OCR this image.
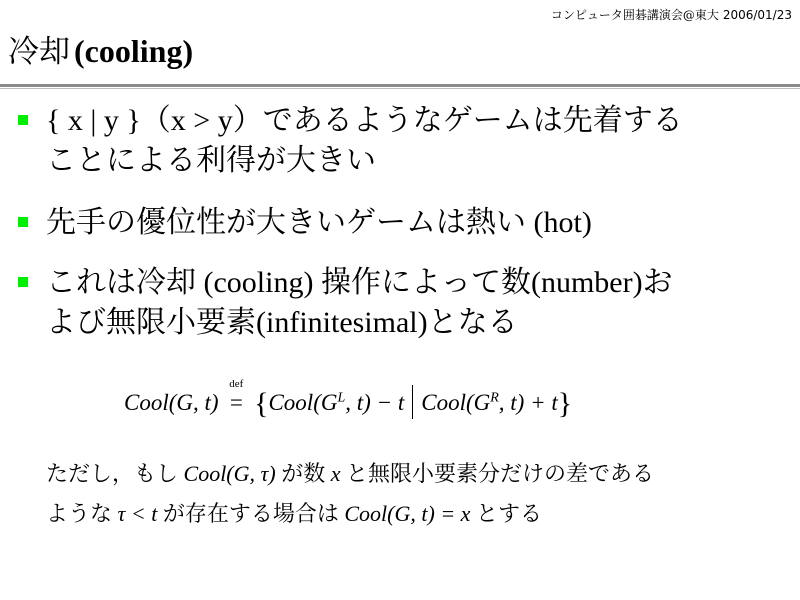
コンピュータ囲碁講演会@東大 2006/01/23
冷却 (cooling)
{ x | y }（x > y）であるようなゲームは先着する
ことによる利得が大きい
先手の優位性が大きいゲームは熱い (hot)
これは冷却 (cooling) 操作によって数(number)お
よび無限小要素(infinitesimal)となる
Cool(G, t)
def
= {$Cool(G^L$, t) − t $Cool(G^R$, t) + t}
ただし，もし Cool(G, τ) が数 x と無限小要素分だけの差である
ような τ < t が存在する場合は Cool(G, t) = x とする
